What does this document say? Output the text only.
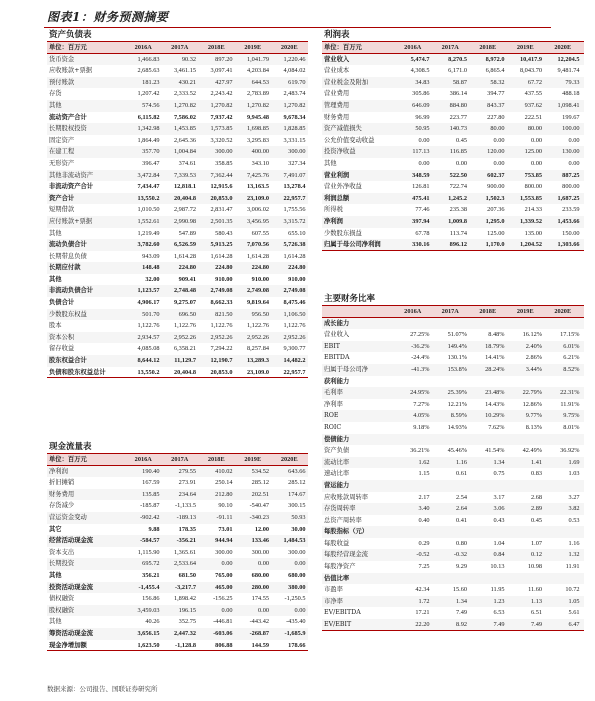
图表1：财务预测摘要
资产负债表
单位：百万元	2016A	2017A	2018E	2019E	2020E
货币资金	1,466.83	90.32	897.20	1,041.79	1,220.46
应收账款+票据	2,685.63	3,461.15	3,097.41	4,203.84	4,084.02
预付账款	181.23	430.21	427.97	644.53	619.70
存货	1,207.42	2,333.52	2,243.42	2,783.89	2,483.74
其他	574.56	1,270.82	1,270.82	1,270.82	1,270.82
流动资产合计	6,115.82	7,586.02	7,937.42	9,945.48	9,678.34
长期股权投资	1,342.98	1,453.85	1,573.85	1,698.85	1,828.85
固定资产	1,864.49	2,645.36	3,320.52	3,295.83	3,331.15
在建工程	357.70	1,004.84	300.00	400.00	300.00
无形资产	396.47	374.61	358.85	343.10	327.34
其他非流动资产	3,472.84	7,339.53	7,362.44	7,425.76	7,491.07
非流动资产合计	7,434.47	12,818.1	12,915.6	13,163.5	13,278.4
资产合计	13,550.2	20,404.8	20,853.0	23,109.0	22,957.7
短期借款	1,010.50	2,987.72	2,831.47	3,006.02	1,755.56
应付账款+票据	1,552.61	2,990.98	2,501.35	3,456.95	3,315.72
其他	1,219.49	547.89	580.43	607.55	655.10
流动负债合计	3,782.60	6,526.59	5,913.25	7,070.56	5,726.38
长期带息负债	943.09	1,614.28	1,614.28	1,614.28	1,614.28
长期应付款	148.48	224.80	224.80	224.80	224.80
其他	32.00	909.41	910.00	910.00	910.00
非流动负债合计	1,123.57	2,748.48	2,749.08	2,749.08	2,749.08
负债合计	4,906.17	9,275.07	8,662.33	9,819.64	8,475.46
少数股东权益	501.70	696.50	821.50	956.50	1,106.50
股本	1,122.76	1,122.76	1,122.76	1,122.76	1,122.76
资本公积	2,934.57	2,952.26	2,952.26	2,952.26	2,952.26
留存收益	4,085.08	6,358.21	7,294.22	8,257.84	9,300.77
股东权益合计	8,644.12	11,129.7	12,190.7	13,289.3	14,482.2
负债和股东权益总计	13,550.2	20,404.8	20,853.0	23,109.0	22,957.7
现金流量表
单位：百万元	2016A	2017A	2018E	2019E	2020E
净利润	190.40	279.55	410.02	534.52	643.66
折旧摊销	167.59	273.91	250.14	285.12	285.12
财务费用	135.85	234.64	212.80	202.51	174.67
存货减少	-185.87	-1,133.5	90.10	-540.47	300.15
营运资金变动	-902.42	-189.13	-91.11	-340.23	50.93
其它	9.88	178.35	73.01	12.00	30.00
经营活动现金流	-584.57	-356.21	944.94	133.46	1,484.53
资本支出	1,115.90	1,365.61	300.00	300.00	300.00
长期投资	695.72	2,533.64	0.00	0.00	0.00
其他	356.21	681.50	765.00	680.00	680.00
投资活动现金流	-1,455.4	-3,217.7	465.00	280.00	380.00
债权融资	156.86	1,898.42	-156.25	174.55	-1,250.5
股权融资	3,459.03	196.15	0.00	0.00	0.00
其他	40.26	352.75	-446.81	-443.42	-435.40
筹资活动现金流	3,656.15	2,447.32	-603.06	-268.87	-1,685.9
现金净增加额	1,623.50	-1,128.8	806.88	144.59	178.66
利润表
单位：百万元	2016A	2017A	2018E	2019E	2020E
营业收入	5,474.7	8,270.5	8,972.0	10,417.9	12,204.5
营业成本	4,308.5	6,171.0	6,865.4	8,043.70	9,481.74
营业税金及附加	34.83	58.87	58.32	67.72	79.33
营业费用	305.86	386.14	394.77	437.55	488.18
管理费用	646.09	884.80	843.37	937.62	1,098.41
财务费用	96.99	223.77	227.80	222.51	199.67
资产减值损失	50.95	140.73	80.00	80.00	100.00
公允价值变动收益	0.00	0.45	0.00	0.00	0.00
投资净收益	117.13	116.85	120.00	125.00	130.00
其他	0.00	0.00	0.00	0.00	0.00
营业利润	348.59	522.50	602.37	753.85	887.25
营业外净收益	126.81	722.74	900.00	800.00	800.00
利润总额	475.41	1,245.2	1,502.3	1,553.85	1,687.25
所得税	77.46	235.38	207.36	214.33	233.59
净利润	397.94	1,009.8	1,295.0	1,339.52	1,453.66
少数股东损益	67.78	113.74	125.00	135.00	150.00
归属于母公司净利润	330.16	896.12	1,170.0	1,204.52	1,303.66
主要财务比率
2016A	2017A	2018E	2019E	2020E
成长能力
营业收入	27.25%	51.07%	8.48%	16.12%	17.15%
EBIT	-36.2%	149.4%	18.79%	2.40%	6.01%
EBITDA	-24.4%	130.1%	14.41%	2.86%	6.21%
归属于母公司净	-41.3%	153.8%	28.24%	3.44%	8.52%
获利能力
毛利率	24.95%	25.39%	23.48%	22.79%	22.31%
净利率	7.27%	12.21%	14.43%	12.86%	11.91%
ROE	4.05%	8.59%	10.29%	9.77%	9.75%
ROIC	9.18%	14.93%	7.62%	8.13%	8.01%
偿债能力
资产负债	36.21%	45.46%	41.54%	42.49%	36.92%
流动比率	1.62	1.16	1.34	1.41	1.69
速动比率	1.15	0.61	0.75	0.83	1.03
营运能力
应收账款周转率	2.17	2.54	3.17	2.68	3.27
存货周转率	3.40	2.64	3.06	2.89	3.82
总资产周转率	0.40	0.41	0.43	0.45	0.53
每股指标（元）
每股收益	0.29	0.80	1.04	1.07	1.16
每股经营现金流	-0.52	-0.32	0.84	0.12	1.32
每股净资产	7.25	9.29	10.13	10.98	11.91
估值比率
市盈率	42.34	15.60	11.95	11.60	10.72
市净率	1.72	1.34	1.23	1.13	1.05
EV/EBITDA	17.21	7.49	6.53	6.51	5.61
EV/EBIT	22.20	8.92	7.49	7.49	6.47
数据来源：公司报告、国联证券研究所
